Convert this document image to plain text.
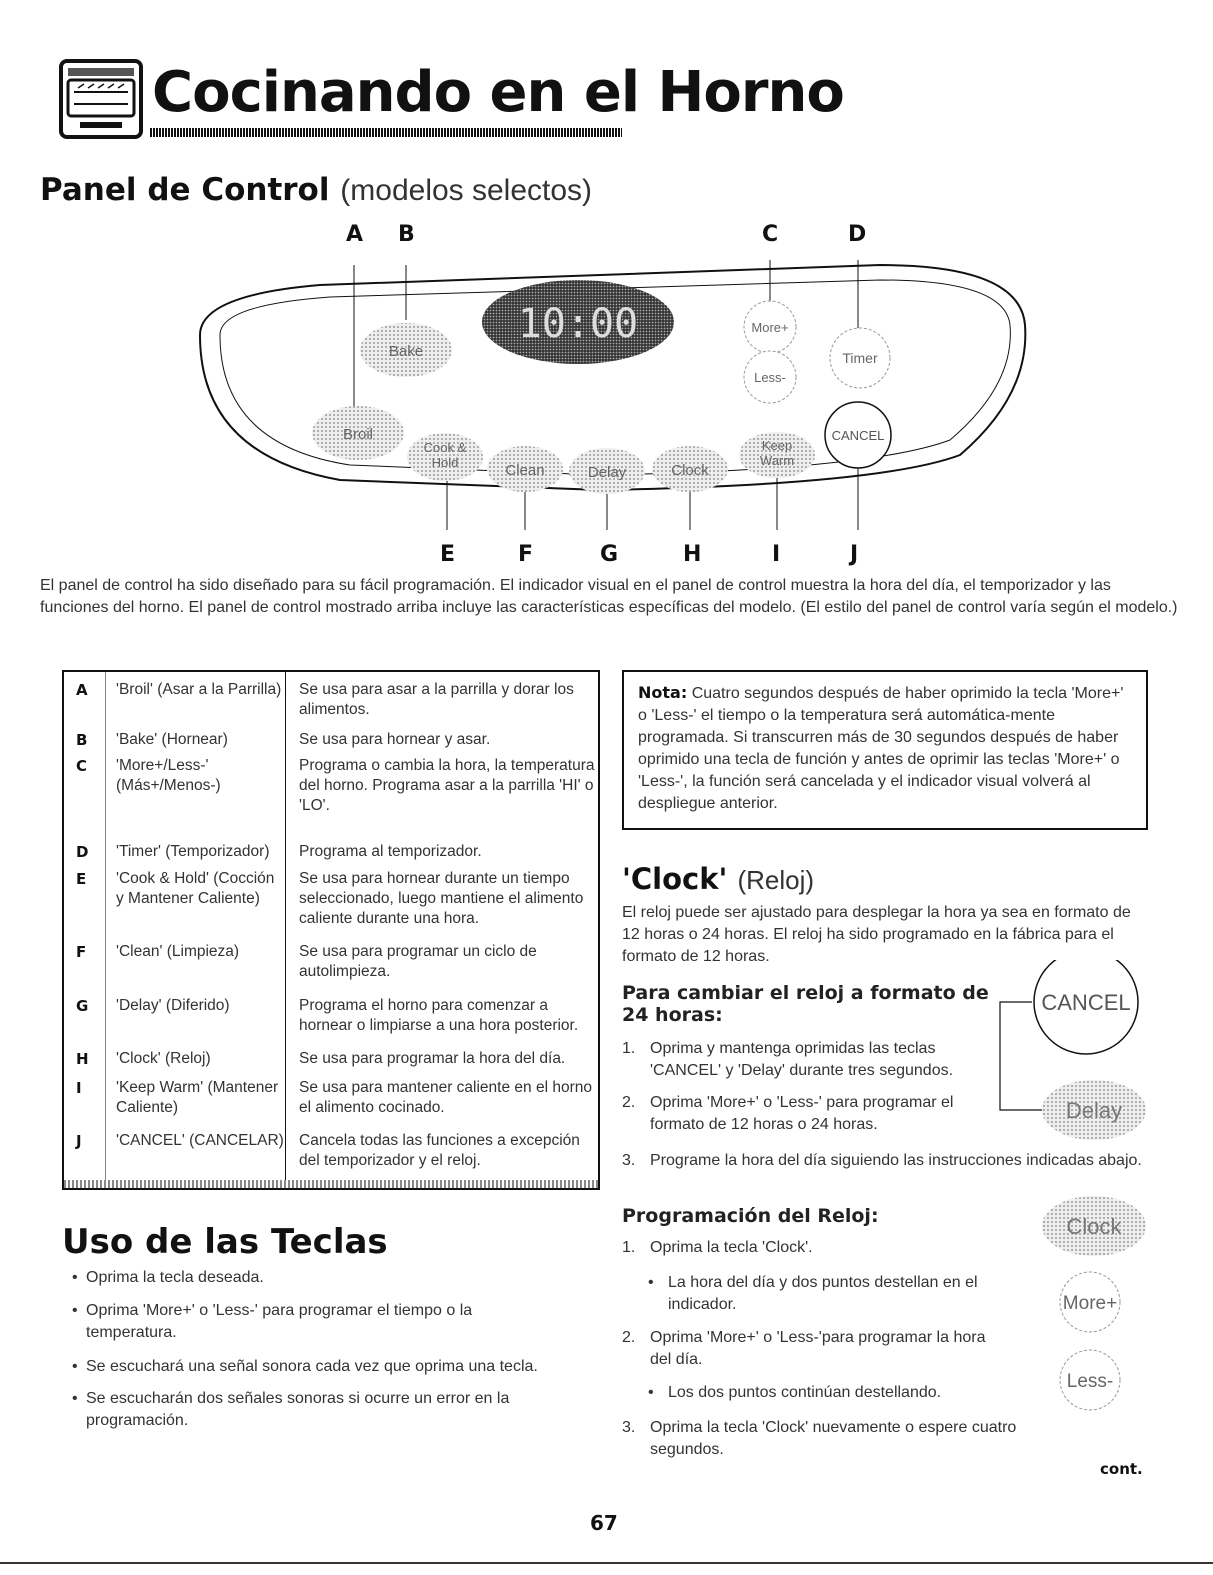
Cocinando en el Horno
Panel de Control (modelos selectos)
A B	C	D
10:00
Bake
Broil
Cook &
Hold	Clean	Delay	Clock
Keep
Warm
More+
Less-
Timer
CANCEL
E	F	G	H	I	J
El panel de control ha sido diseñado para su fácil programación. El indicador visual en el panel de control muestra la hora del día, el temporizador y las funciones del horno. El panel de control mostrado arriba incluye las características específicas del modelo. (El estilo del panel de control varía según el modelo.)
A 'Broil' (Asar a la Parrilla)	Se usa para asar a la parrilla y dorar los alimentos.
B 'Bake' (Hornear)	Se usa para hornear y asar.
C 'More+/Less-' (Más+/Menos-)
Programa o cambia la hora, la temperatura del horno. Programa asar a la parrilla 'HI' o 'LO'.
D 'Timer' (Temporizador)	Programa al temporizador.
E 'Cook & Hold' (Cocción y Mantener Caliente)
Se usa para hornear durante un tiempo seleccionado, luego mantiene el alimento caliente durante una hora.
F 'Clean' (Limpieza)	Se usa para programar un ciclo de autolimpieza.
G 'Delay' (Diferido)	Programa el horno para comenzar a hornear o limpiarse a una hora posterior.
H 'Clock' (Reloj)	Se usa para programar la hora del día.
I 'Keep Warm' (Mantener Caliente)
Se usa para mantener caliente en el horno el alimento cocinado.
J 'CANCEL' (CANCELAR) Cancela todas las funciones a excepción del temporizador y el reloj.
Nota: Cuatro segundos después de haber oprimido la tecla 'More+' o 'Less-' el tiempo o la temperatura será automática-mente programada. Si transcurren más de 30 segundos después de haber oprimido una tecla de función y antes de oprimir las teclas 'More+' o 'Less-', la función será cancelada y el indicador visual volverá al despliegue anterior.
'Clock' (Reloj)
El reloj puede ser ajustado para desplegar la hora ya sea en formato de 12 horas o 24 horas. El reloj ha sido programado en la fábrica para el formato de 12 horas.
Para cambiar el reloj a formato de
24 horas:
1. Oprima y mantenga oprimidas las teclas 'CANCEL' y 'Delay' durante tres segundos.
2. Oprima 'More+' o 'Less-' para programar el formato de 12 horas o 24 horas.
3. Programe la hora del día siguiendo las instrucciones indicadas abajo.
CANCEL
Delay
Clock
More+
Less-
Programación del Reloj:
1. Oprima la tecla 'Clock'.
• La hora del día y dos puntos destellan en el indicador.
2. Oprima 'More+' o 'Less-'para programar la hora del día.
• Los dos puntos continúan destellando.
3. Oprima la tecla 'Clock' nuevamente o espere cuatro segundos.
Uso de las Teclas
• Oprima la tecla deseada.
• Oprima 'More+' o 'Less-' para programar el tiempo o la temperatura.
• Se escuchará una señal sonora cada vez que oprima una tecla.
• Se escucharán dos señales sonoras si ocurre un error en la programación.
cont.
67
